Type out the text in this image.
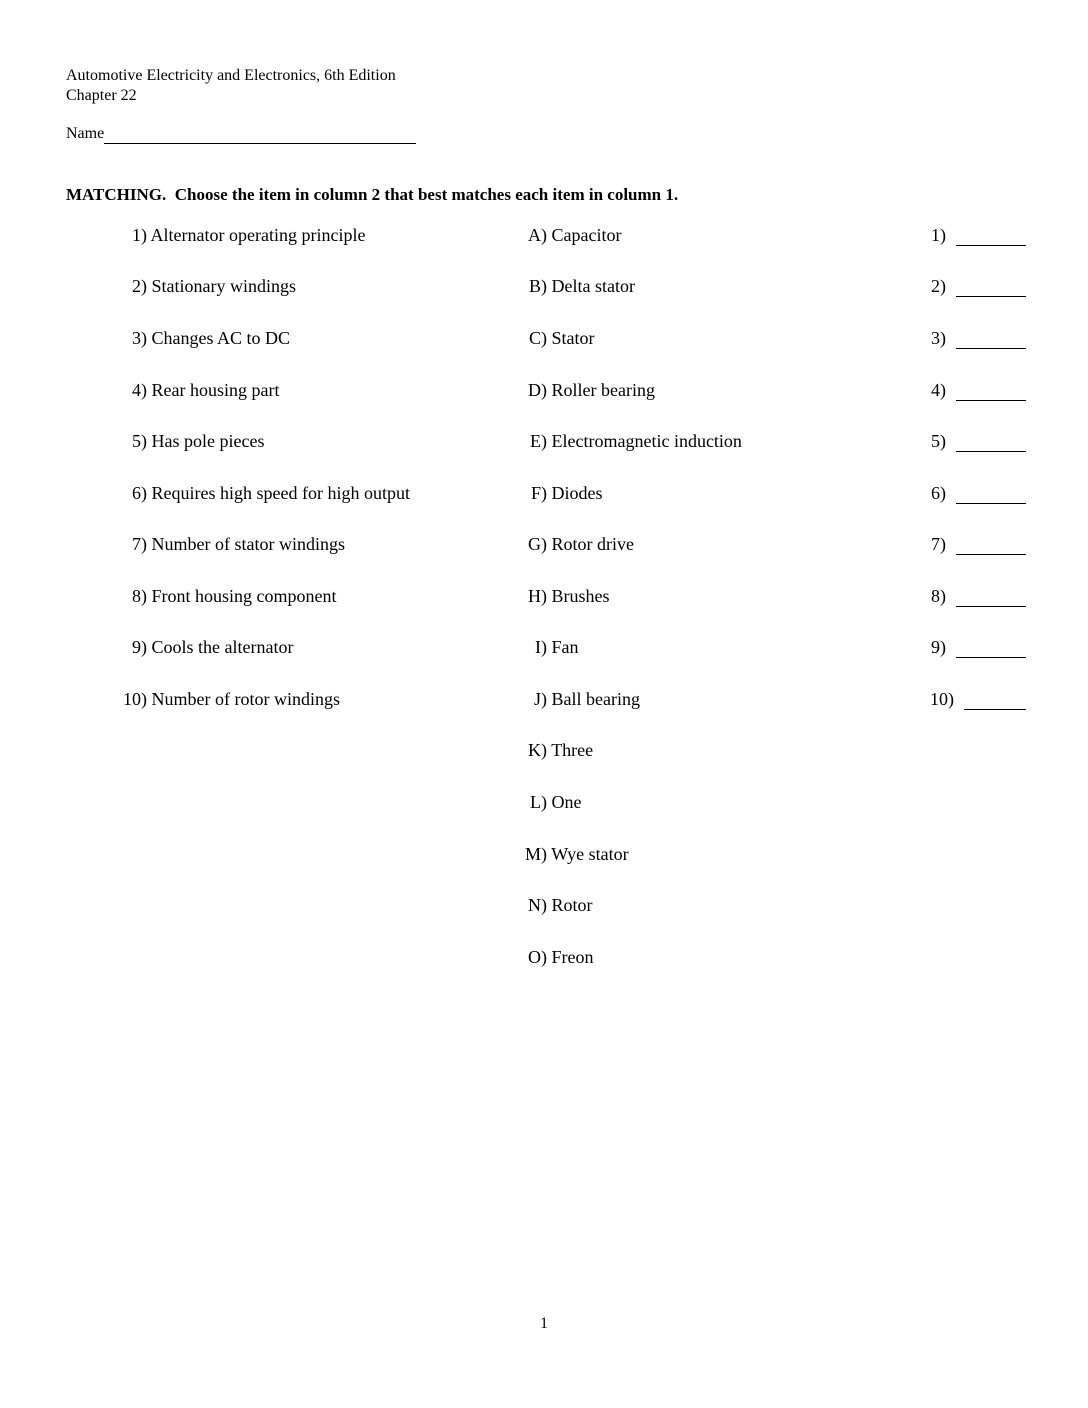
Automotive Electricity and Electronics, 6th Edition
Chapter 22
Name
MATCHING.  Choose the item in column 2 that best matches each item in column 1.
1) Alternator operating principle
2) Stationary windings
3) Changes AC to DC
4) Rear housing part
5) Has pole pieces
6) Requires high speed for high output
7) Number of stator windings
8) Front housing component
9) Cools the alternator
10) Number of rotor windings
A) Capacitor
B) Delta stator
C) Stator
D) Roller bearing
E) Electromagnetic induction
F) Diodes
G) Rotor drive
H) Brushes
I) Fan
J) Ball bearing
K) Three
L) One
M) Wye stator
N) Rotor
O) Freon
1)
2)
3)
4)
5)
6)
7)
8)
9)
10)
1
